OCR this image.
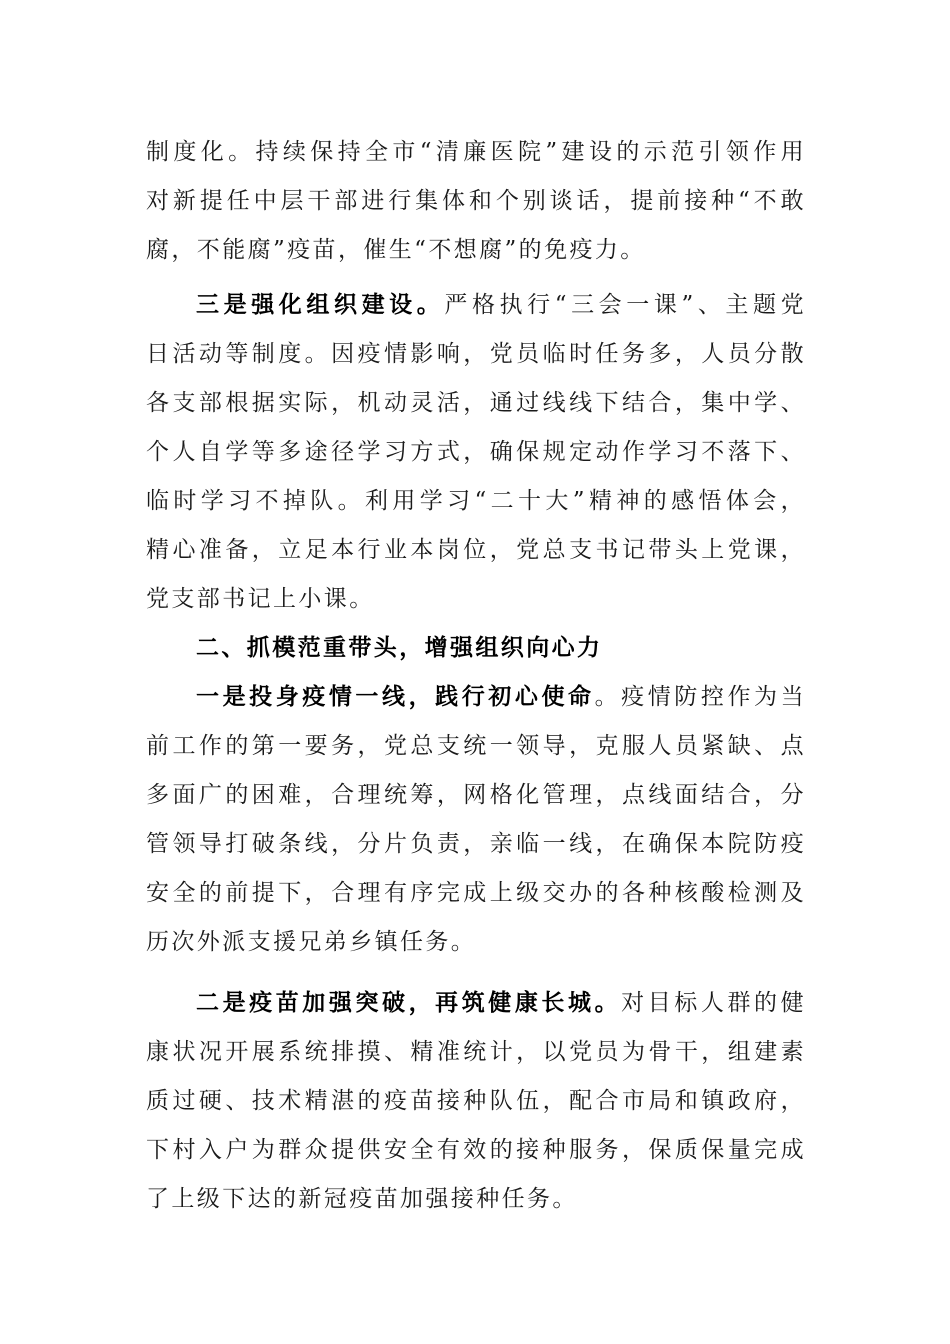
制度化。持续保持全市“清廉医院”建设的示范引领作用
对新提任中层干部进行集体和个别谈话，提前接种“不敢
腐，不能腐”疫苗，催生“不想腐”的免疫力。
三是强化组织建设。严格执行“三会一课”、主题党
日活动等制度。因疫情影响，党员临时任务多，人员分散
各支部根据实际，机动灵活，通过线线下结合，集中学、
个人自学等多途径学习方式，确保规定动作学习不落下、
临时学习不掉队。利用学习“二十大”精神的感悟体会，
精心准备，立足本行业本岗位，党总支书记带头上党课，
党支部书记上小课。
二、抓模范重带头，增强组织向心力
一是投身疫情一线，践行初心使命。疫情防控作为当
前工作的第一要务，党总支统一领导，克服人员紧缺、点
多面广的困难，合理统筹，网格化管理，点线面结合，分
管领导打破条线，分片负责，亲临一线，在确保本院防疫
安全的前提下，合理有序完成上级交办的各种核酸检测及
历次外派支援兄弟乡镇任务。
二是疫苗加强突破，再筑健康长城。对目标人群的健
康状况开展系统排摸、精准统计，以党员为骨干，组建素
质过硬、技术精湛的疫苗接种队伍，配合市局和镇政府，
下村入户为群众提供安全有效的接种服务，保质保量完成
了上级下达的新冠疫苗加强接种任务。
